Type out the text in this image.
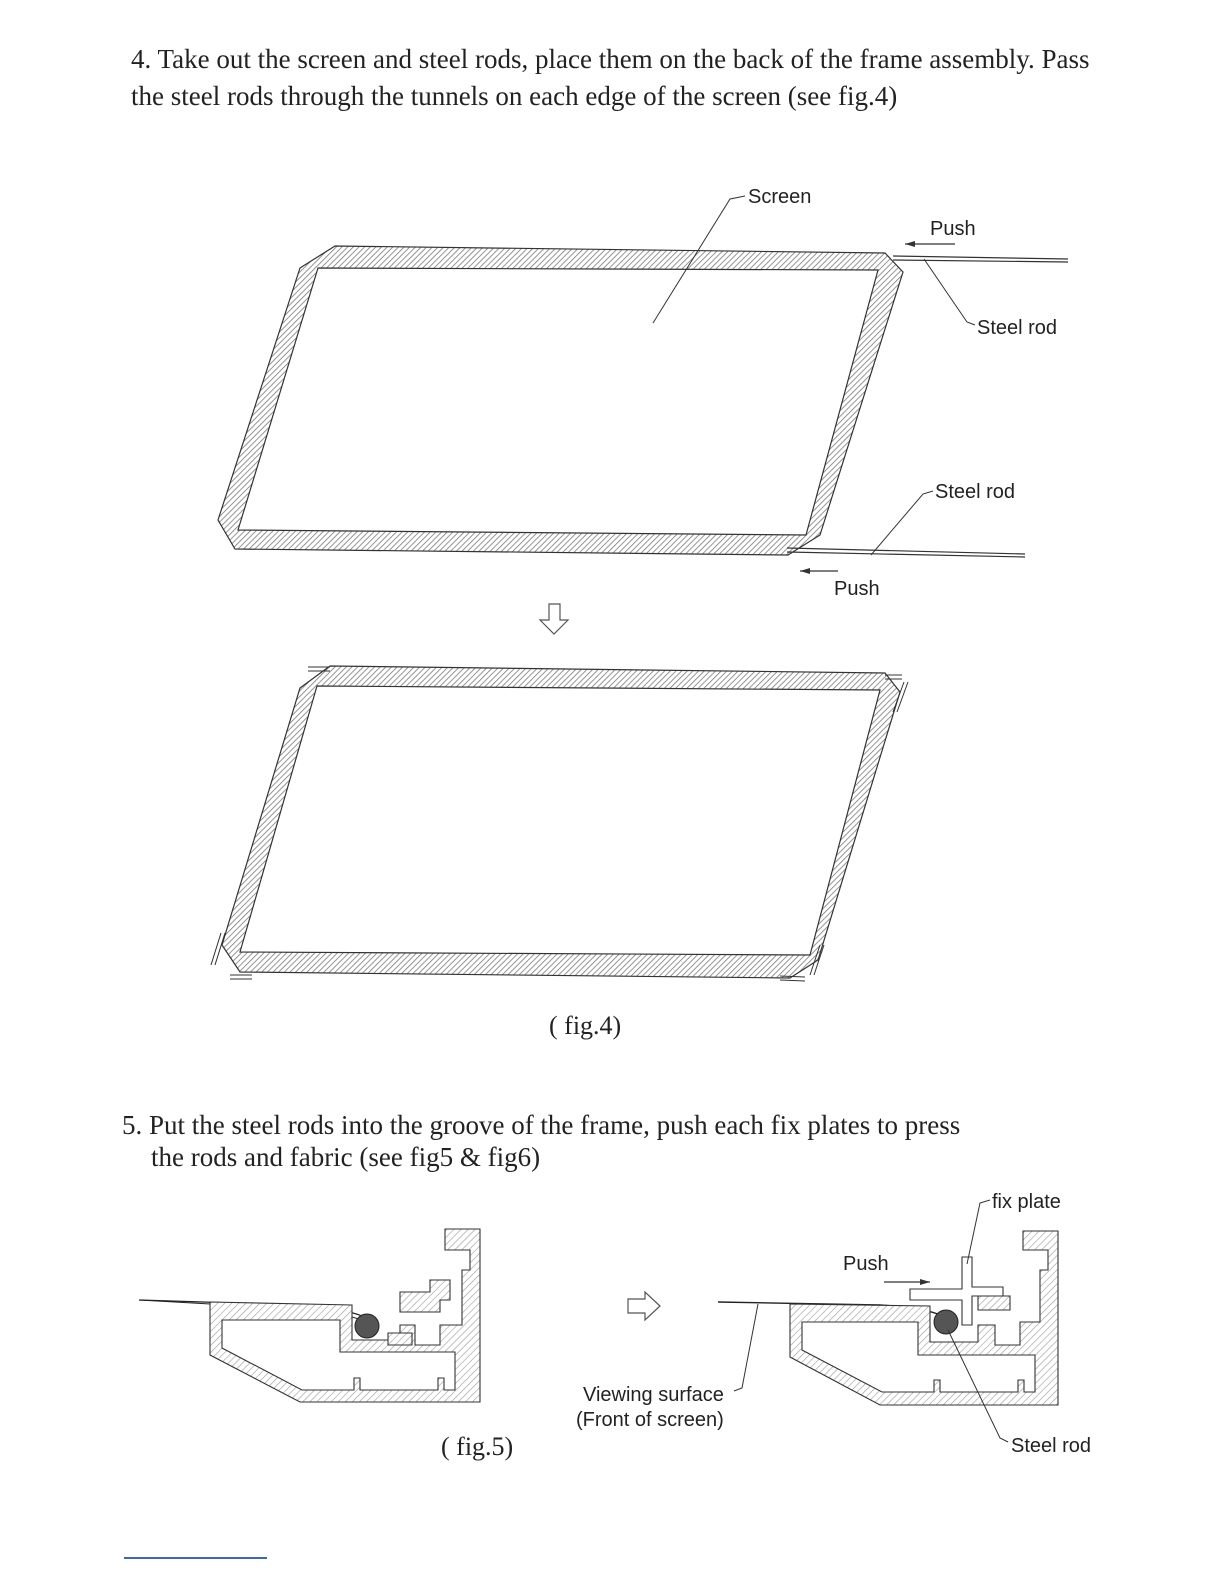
4. Take out the screen and steel rods, place them on the back of the frame assembly. Pass

the steel rods through the tunnels on each edge of the screen (see fig.4)

Screen
Push
Steel rod
Steel rod
Push
fix plate
Push
Viewing surface
(Front of screen)
Steel rod
( fig.4)

5. Put the steel rods into the groove of the frame, push each fix plates to press

the rods and fabric (see fig5 & fig6)

( fig.5)
